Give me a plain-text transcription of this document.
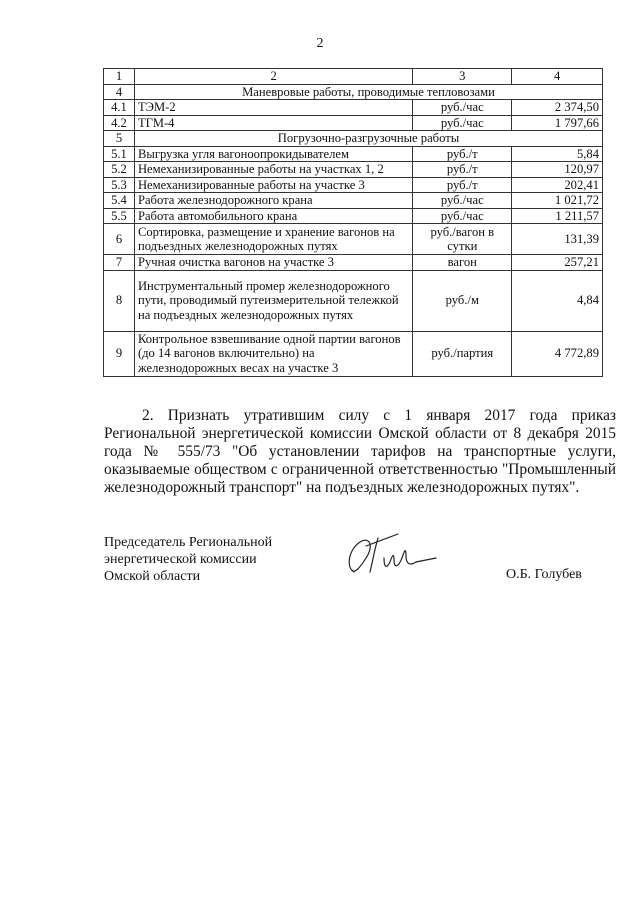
2
1	2	3	4
4	Маневровые работы, проводимые тепловозами		
4.1	ТЭМ-2	руб./час	2 374,50
4.2	ТГМ-4	руб./час	1 797,66
5	Погрузочно-разгрузочные работы		
5.1	Выгрузка угля вагоноопрокидывателем	руб./т	5,84
5.2	Немеханизированные работы на участках 1, 2	руб./т	120,97
5.3	Немеханизированные работы на участке 3	руб./т	202,41
5.4	Работа железнодорожного крана	руб./час	1 021,72
5.5	Работа автомобильного крана	руб./час	1 211,57
6	Сортировка, размещение и хранение вагонов на подъездных железнодорожных путях	руб./вагон в сутки	131,39
7	Ручная очистка вагонов на участке 3	вагон	257,21
8	Инструментальный промер железнодорожного пути, проводимый путеизмерительной тележкой на подъездных железнодорожных путях	руб./м	4,84
9	Контрольное взвешивание одной партии вагонов (до 14 вагонов включительно) на железнодорожных весах на участке 3	руб./партия	4 772,89
2. Признать утратившим силу с 1 января 2017 года приказ Региональной энергетической комиссии Омской области от 8 декабря 2015 года № 555/73 "Об установлении тарифов на транспортные услуги, оказываемые обществом с ограниченной ответственностью "Промышленный железнодорожный транспорт" на подъездных железнодорожных путях".
Председатель Региональной
энергетической комиссии
Омской области	О.Б. Голубев
